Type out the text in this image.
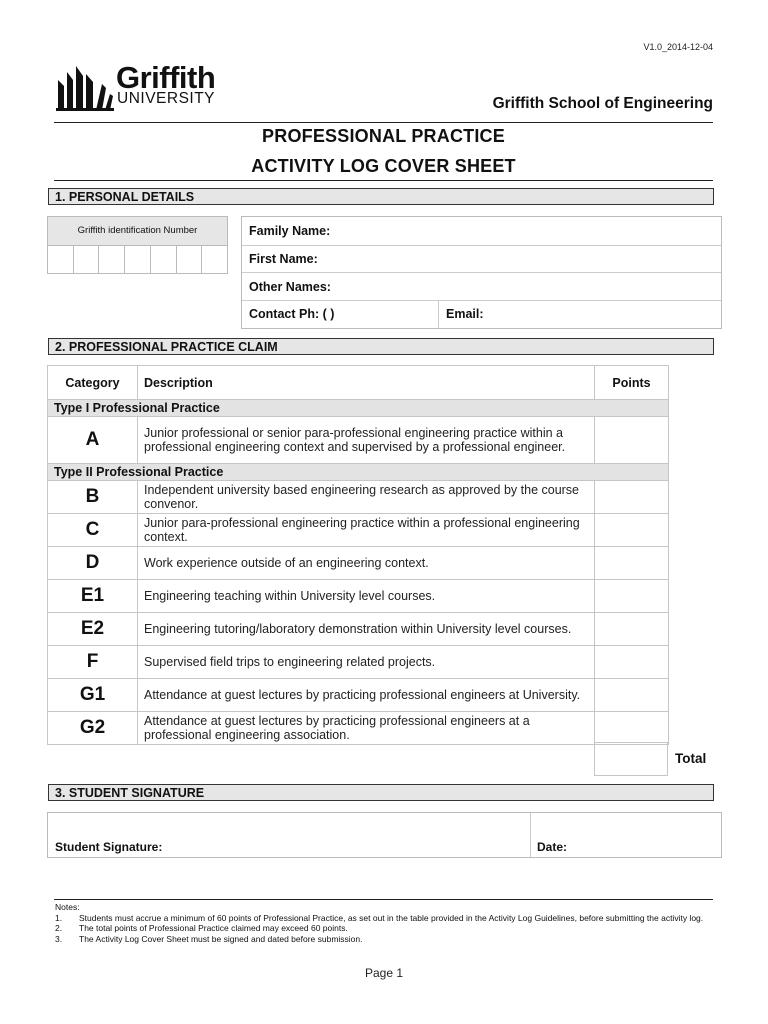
V1.0_2014-12-04
Griffith
UNIVERSITY	Griffith School of Engineering
PROFESSIONAL PRACTICE
ACTIVITY LOG COVER SHEET
1. PERSONAL DETAILS
Griffith identification Number	Family Name:
First Name:
Other Names:
Contact Ph: ( )	Email:
2. PROFESSIONAL PRACTICE CLAIM
Category	Description	Points
Type I Professional Practice		
A	Junior professional or senior para-professional engineering practice within a professional engineering context and supervised by a professional engineer.	
Type II Professional Practice		
B	Independent university based engineering research as approved by the course convenor.	
C	Junior para-professional engineering practice within a professional engineering context.	
D	Work experience outside of an engineering context.	
E1	Engineering teaching within University level courses.	
E2	Engineering tutoring/laboratory demonstration within University level courses.	
F	Supervised field trips to engineering related projects.	
G1	Attendance at guest lectures by practicing professional engineers at University.	
G2	Attendance at guest lectures by practicing professional engineers at a professional engineering association.	
Total
3. STUDENT SIGNATURE
Student Signature:	Date:
Notes:
1.	Students must accrue a minimum of 60 points of Professional Practice, as set out in the table provided in the Activity Log Guidelines, before submitting the activity log.
2.	The total points of Professional Practice claimed may exceed 60 points.
3.	The Activity Log Cover Sheet must be signed and dated before submission.
Page 1
